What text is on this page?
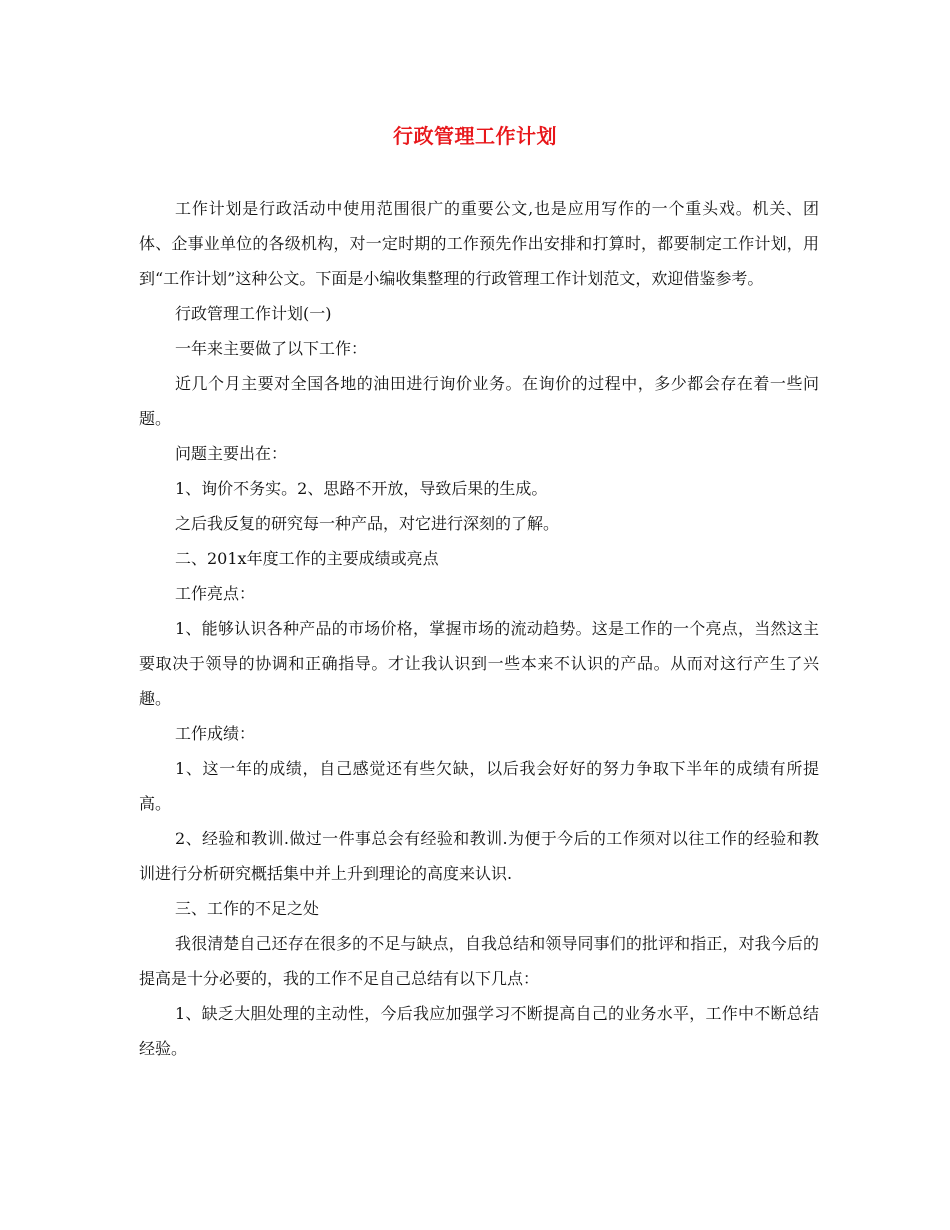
行政管理工作计划

工作计划是行政活动中使用范围很广的重要公文,也是应用写作的一个重头戏。机关、团体、企事业单位的各级机构，对一定时期的工作预先作出安排和打算时，都要制定工作计划，用到“工作计划”这种公文。下面是小编收集整理的行政管理工作计划范文，欢迎借鉴参考。

行政管理工作计划(一)

一年来主要做了以下工作：

近几个月主要对全国各地的油田进行询价业务。在询价的过程中，多少都会存在着一些问题。

问题主要出在：

1、询价不务实。2、思路不开放，导致后果的生成。

之后我反复的研究每一种产品，对它进行深刻的了解。

二、201x年度工作的主要成绩或亮点

工作亮点：

1、能够认识各种产品的市场价格，掌握市场的流动趋势。这是工作的一个亮点，当然这主要取决于领导的协调和正确指导。才让我认识到一些本来不认识的产品。从而对这行产生了兴趣。

工作成绩：

1、这一年的成绩，自己感觉还有些欠缺，以后我会好好的努力争取下半年的成绩有所提高。

2、经验和教训.做过一件事总会有经验和教训.为便于今后的工作须对以往工作的经验和教训进行分析研究概括集中并上升到理论的高度来认识.

三、工作的不足之处

我很清楚自己还存在很多的不足与缺点，自我总结和领导同事们的批评和指正，对我今后的提高是十分必要的，我的工作不足自己总结有以下几点：

1、缺乏大胆处理的主动性，今后我应加强学习不断提高自己的业务水平，工作中不断总结经验。
